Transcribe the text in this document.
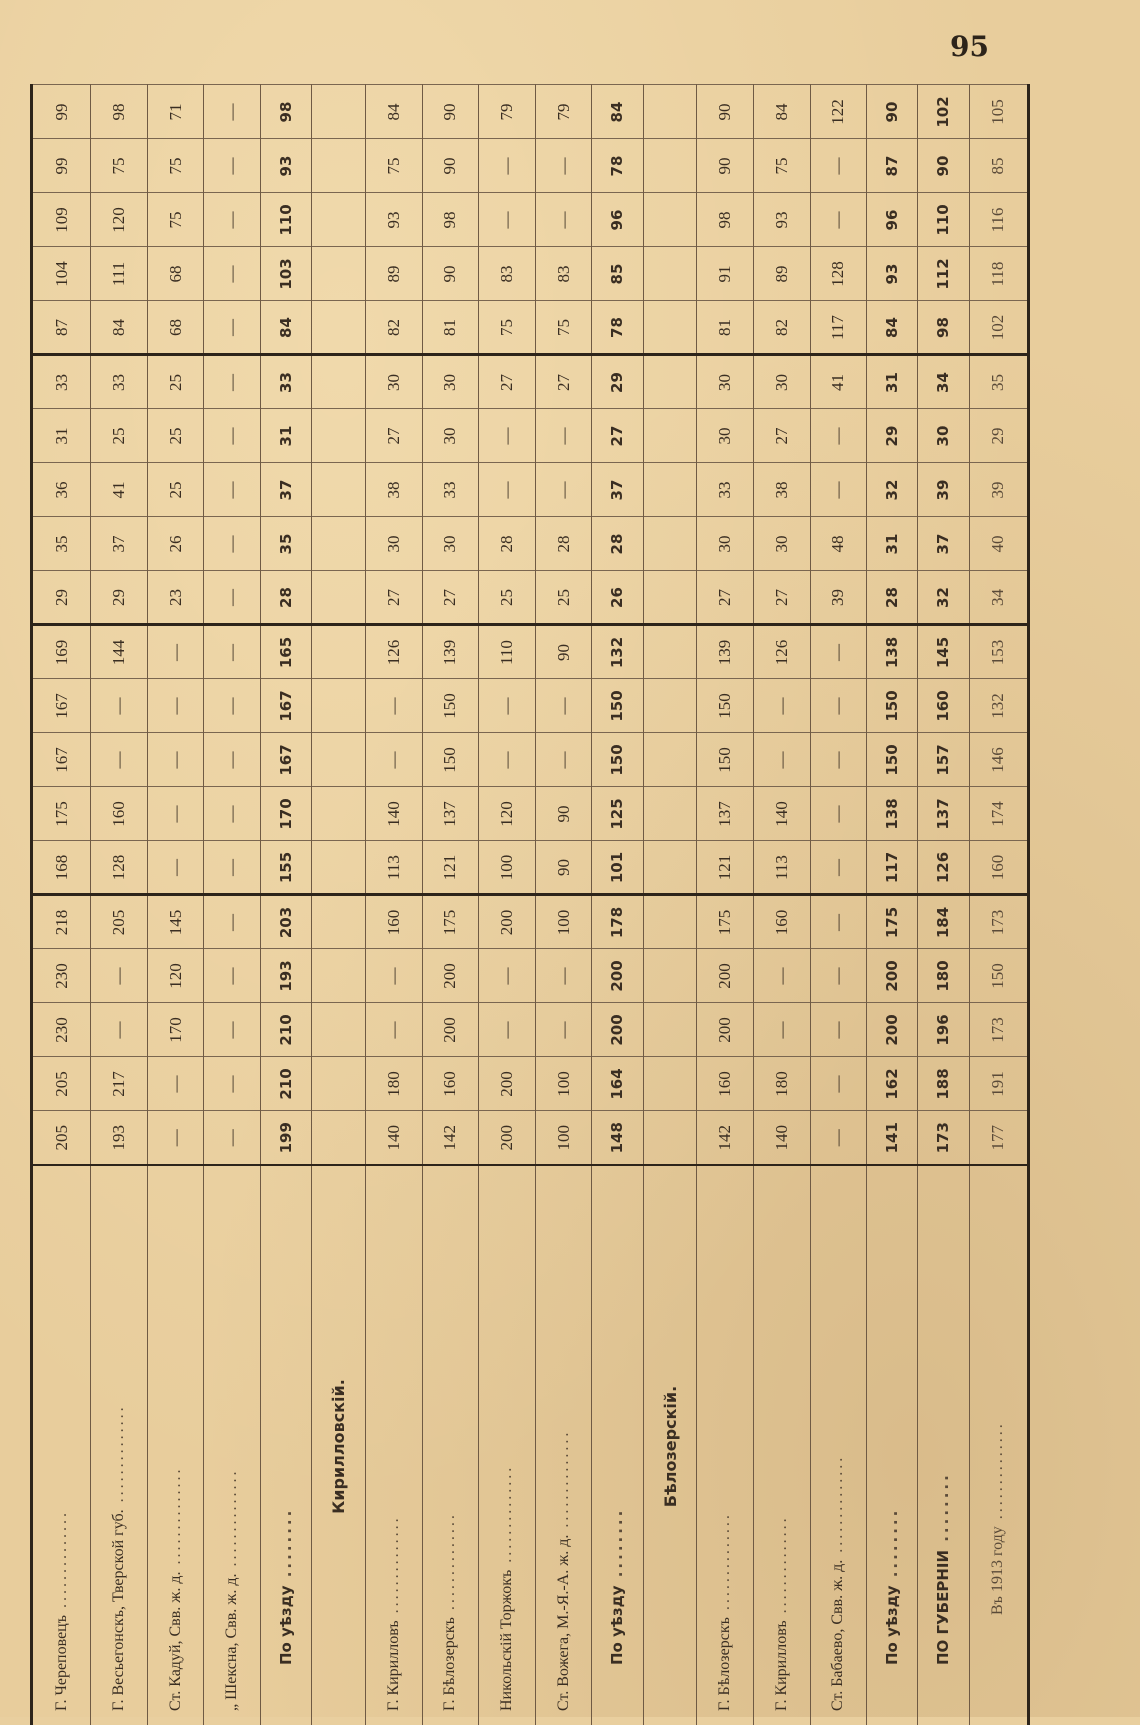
95
Г. Череповецъ ..............	205	205	230	230	218	168	175	167	167	169	29	35	36	31	33	87	104	109	99	99
Г. Весьегонскъ, Тверской губ. ..............	193	217	—	—	205	128	160	—	—	144	29	37	41	25	33	84	111	120	75	98
Ст. Кадуй, Свв. ж. д. ..............	—	—	170	120	145	—	—	—	—	—	23	26	25	25	25	68	68	75	75	71
„ Шексна, Свв. ж. д. ..............	—	—	—	—	—	—	—	—	—	—	—	—	—	—	—	—	—	—	—	—
По уѣзду ........	199	210	210	193	203	155	170	167	167	165	28	35	37	31	33	84	103	110	93	98
Кирилловскій.																				
Г. Кирилловъ ..............	140	180	—	—	160	113	140	—	—	126	27	30	38	27	30	82	89	93	75	84
Г. Бѣлозерскъ ..............	142	160	200	200	175	121	137	150	150	139	27	30	33	30	30	81	90	98	90	90
Никольскій Торжокъ ..............	200	200	—	—	200	100	120	—	—	110	25	28	—	—	27	75	83	—	—	79
Ст. Вожега, М.-Я.-А. ж. д. ..............	100	100	—	—	100	90	90	—	—	90	25	28	—	—	27	75	83	—	—	79
По уѣзду ........	148	164	200	200	178	101	125	150	150	132	26	28	37	27	29	78	85	96	78	84
Бѣлозерскій.																				
Г. Бѣлозерскъ ..............	142	160	200	200	175	121	137	150	150	139	27	30	33	30	30	81	91	98	90	90
Г. Кирилловъ ..............	140	180	—	—	160	113	140	—	—	126	27	30	38	27	30	82	89	93	75	84
Ст. Бабаево, Свв. ж. д. ..............	—	—	—	—	—	—	—	—	—	—	39	48	—	—	41	117	128	—	—	122
По уѣзду ........	141	162	200	200	175	117	138	150	150	138	28	31	32	29	31	84	93	96	87	90
ПО ГУБЕРНІИ ........	173	188	196	180	184	126	137	157	160	145	32	37	39	30	34	98	112	110	90	102
Въ 1913 году ..............	177	191	173	150	173	160	174	146	132	153	34	40	39	29	35	102	118	116	85	105
